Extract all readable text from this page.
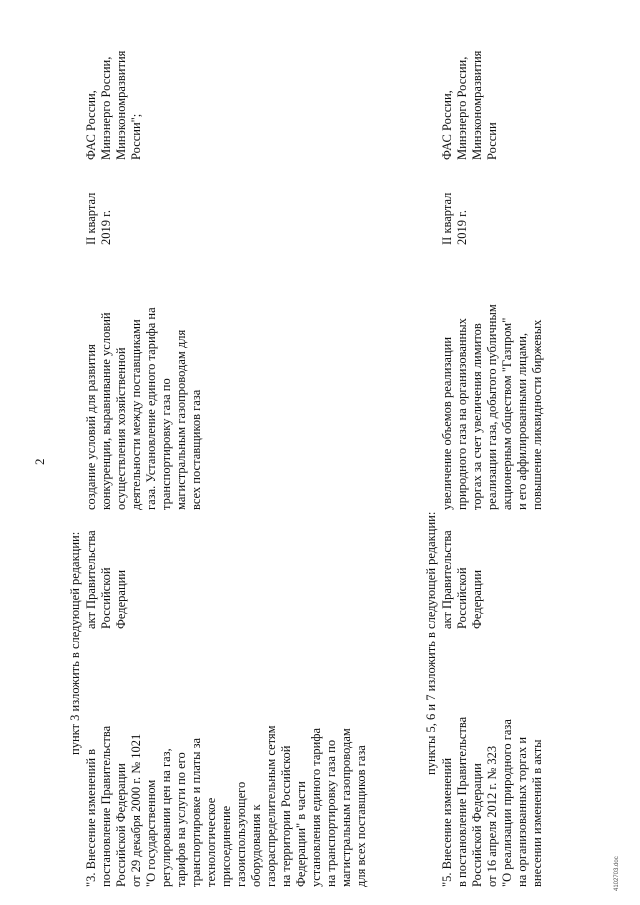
2
пункт 3 изложить в следующей редакции:
"3. Внесение изменений в
постановление Правительства
Российской Федерации
от 29 декабря 2000 г. № 1021
"О государственном
регулировании цен на газ,
тарифов на услуги по его
транспортировке и платы за
технологическое
присоединение
газоиспользующего
оборудования к
газораспределительным сетям
на территории Российской
Федерации" в части
установления единого тарифа
на транспортировку газа по
магистральным газопроводам
для всех поставщиков газа
акт Правительства
Российской
Федерации
создание условий для развития
конкуренции, выравнивание условий
осуществления хозяйственной
деятельности между поставщиками
газа. Установление единого тарифа на
транспортировку газа по
магистральным газопроводам для
всех поставщиков газа
II квартал
2019 г.
ФАС России,
Минэнерго России,
Минэкономразвития
России";
пункты 5, 6 и 7 изложить в следующей редакции:
"5. Внесение изменений
в постановление Правительства
Российской Федерации
от 16 апреля 2012 г. № 323
"О реализации природного газа
на организованных торгах и
внесении изменений в акты
акт Правительства
Российской
Федерации
увеличение объемов реализации
природного газа на организованных
торгах за счет увеличения лимитов
реализации газа, добытого публичным
акционерным обществом "Газпром"
и его аффилированными лицами,
повышение ликвидности биржевых
II квартал
2019 г.
ФАС России,
Минэнерго России,
Минэкономразвития
России
4102703.doc
